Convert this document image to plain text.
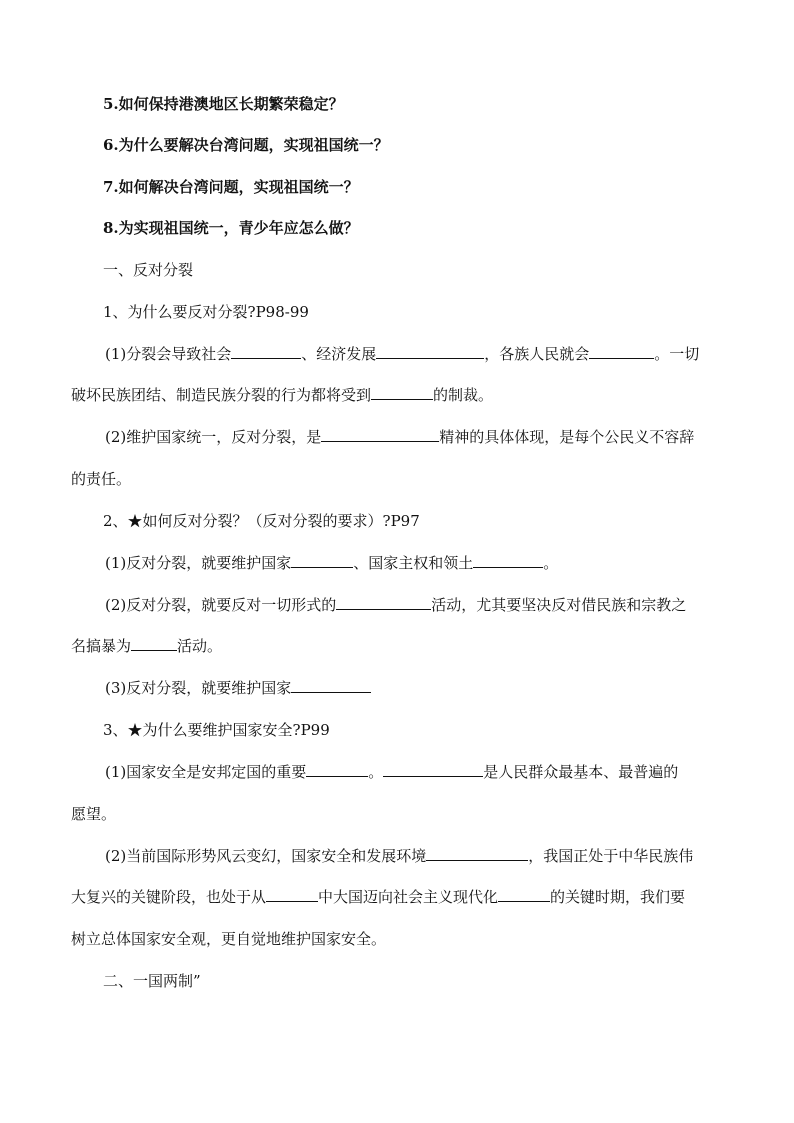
5.如何保持港澳地区长期繁荣稳定？
6.为什么要解决台湾问题，实现祖国统一？
7.如何解决台湾问题，实现祖国统一？
8.为实现祖国统一，青少年应怎么做？
一、反对分裂
1、为什么要反对分裂?P98-99
(1)分裂会导致社会	、经济发展	，各族人民就会	。一切
破坏民族团结、制造民族分裂的行为都将受到	的制裁。
(2)维护国家统一，反对分裂，是	精神的具体体现，是每个公民义不容辞
的责任。
2、★如何反对分裂？（反对分裂的要求）?P97
(1)反对分裂，就要维护国家	、国家主权和领土	。
(2)反对分裂，就要反对一切形式的	活动，尤其要坚决反对借民族和宗教之
名搞暴为	活动。
(3)反对分裂，就要维护国家
3、★为什么要维护国家安全?P99
(1)国家安全是安邦定国的重要	。	是人民群众最基本、最普遍的
愿望。
(2)当前国际形势风云变幻，国家安全和发展环境	，我国正处于中华民族伟
大复兴的关键阶段，也处于从	中大国迈向社会主义现代化	的关键时期，我们要
树立总体国家安全观，更自觉地维护国家安全。
二、一国两制”
